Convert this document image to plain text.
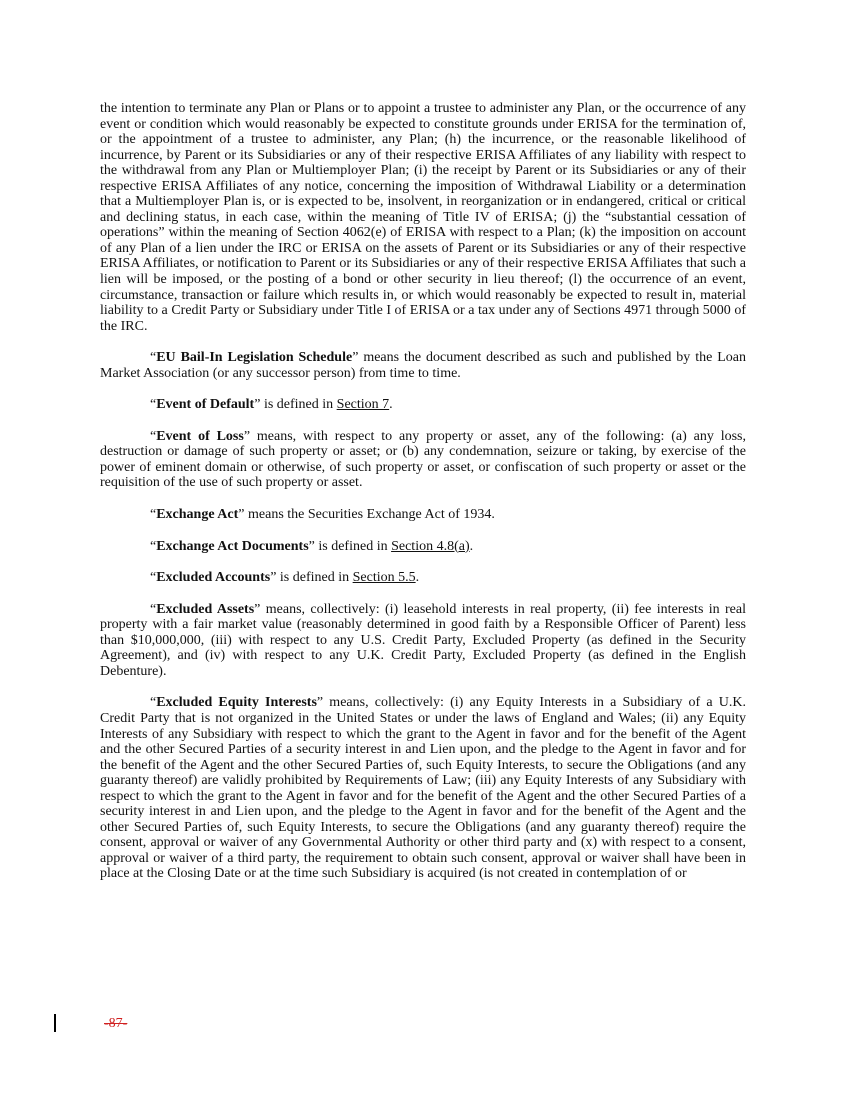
the intention to terminate any Plan or Plans or to appoint a trustee to administer any Plan, or the occurrence of any event or condition which would reasonably be expected to constitute grounds under ERISA for the termination of, or the appointment of a trustee to administer, any Plan; (h) the incurrence, or the reasonable likelihood of incurrence, by Parent or its Subsidiaries or any of their respective ERISA Affiliates of any liability with respect to the withdrawal from any Plan or Multiemployer Plan; (i) the receipt by Parent or its Subsidiaries or any of their respective ERISA Affiliates of any notice, concerning the imposition of Withdrawal Liability or a determination that a Multiemployer Plan is, or is expected to be, insolvent, in reorganization or in endangered, critical or critical and declining status, in each case, within the meaning of Title IV of ERISA; (j) the “substantial cessation of operations” within the meaning of Section 4062(e) of ERISA with respect to a Plan; (k) the imposition on account of any Plan of a lien under the IRC or ERISA on the assets of Parent or its Subsidiaries or any of their respective ERISA Affiliates, or notification to Parent or its Subsidiaries or any of their respective ERISA Affiliates that such a lien will be imposed, or the posting of a bond or other security in lieu thereof; (l) the occurrence of an event, circumstance, transaction or failure which results in, or which would reasonably be expected to result in, material liability to a Credit Party or Subsidiary under Title I of ERISA or a tax under any of Sections 4971 through 5000 of the IRC.

“EU Bail-In Legislation Schedule” means the document described as such and published by the Loan Market Association (or any successor person) from time to time.

“Event of Default” is defined in Section 7.

“Event of Loss” means, with respect to any property or asset, any of the following: (a) any loss, destruction or damage of such property or asset; or (b) any condemnation, seizure or taking, by exercise of the power of eminent domain or otherwise, of such property or asset, or confiscation of such property or asset or the requisition of the use of such property or asset.

“Exchange Act” means the Securities Exchange Act of 1934.

“Exchange Act Documents” is defined in Section 4.8(a).

“Excluded Accounts” is defined in Section 5.5.

“Excluded Assets” means, collectively: (i) leasehold interests in real property, (ii) fee interests in real property with a fair market value (reasonably determined in good faith by a Responsible Officer of Parent) less than $10,000,000, (iii) with respect to any U.S. Credit Party, Excluded Property (as defined in the Security Agreement), and (iv) with respect to any U.K. Credit Party, Excluded Property (as defined in the English Debenture).

“Excluded Equity Interests” means, collectively: (i) any Equity Interests in a Subsidiary of a U.K. Credit Party that is not organized in the United States or under the laws of England and Wales; (ii) any Equity Interests of any Subsidiary with respect to which the grant to the Agent in favor and for the benefit of the Agent and the other Secured Parties of a security interest in and Lien upon, and the pledge to the Agent in favor and for the benefit of the Agent and the other Secured Parties of, such Equity Interests, to secure the Obligations (and any guaranty thereof) are validly prohibited by Requirements of Law; (iii) any Equity Interests of any Subsidiary with respect to which the grant to the Agent in favor and for the benefit of the Agent and the other Secured Parties of a security interest in and Lien upon, and the pledge to the Agent in favor and for the benefit of the Agent and the other Secured Parties of, such Equity Interests, to secure the Obligations (and any guaranty thereof) require the consent, approval or waiver of any Governmental Authority or other third party and (x) with respect to a consent, approval or waiver of a third party, the requirement to obtain such consent, approval or waiver shall have been in place at the Closing Date or at the time such Subsidiary is acquired (is not created in contemplation of or

-87-
